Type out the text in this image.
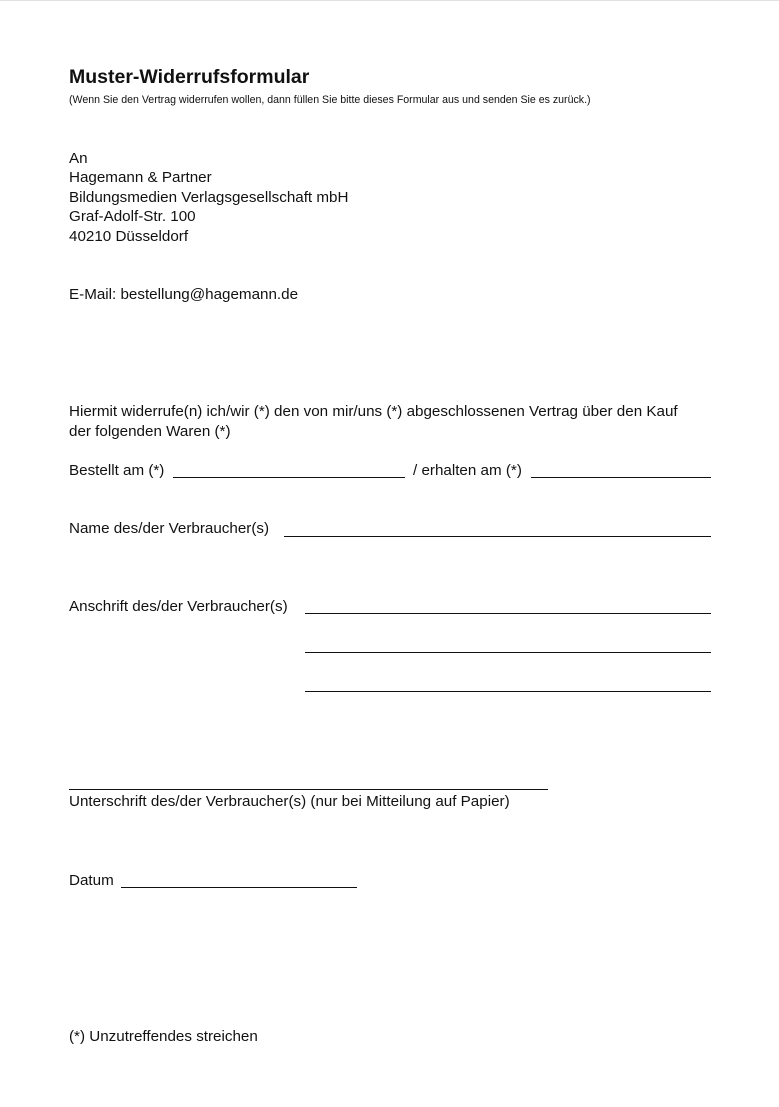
Muster-Widerrufsformular
(Wenn Sie den Vertrag widerrufen wollen, dann füllen Sie bitte dieses Formular aus und senden Sie es zurück.)
An
Hagemann & Partner
Bildungsmedien Verlagsgesellschaft mbH
Graf-Adolf-Str. 100
40210 Düsseldorf
E-Mail: bestellung@hagemann.de
Hiermit widerrufe(n) ich/wir (*) den von mir/uns (*) abgeschlossenen Vertrag über den Kauf
der folgenden Waren (*)
Bestellt am (*)	/ erhalten am (*)
Name des/der Verbraucher(s)
Anschrift des/der Verbraucher(s)
Unterschrift des/der Verbraucher(s) (nur bei Mitteilung auf Papier)
Datum
(*) Unzutreffendes streichen
